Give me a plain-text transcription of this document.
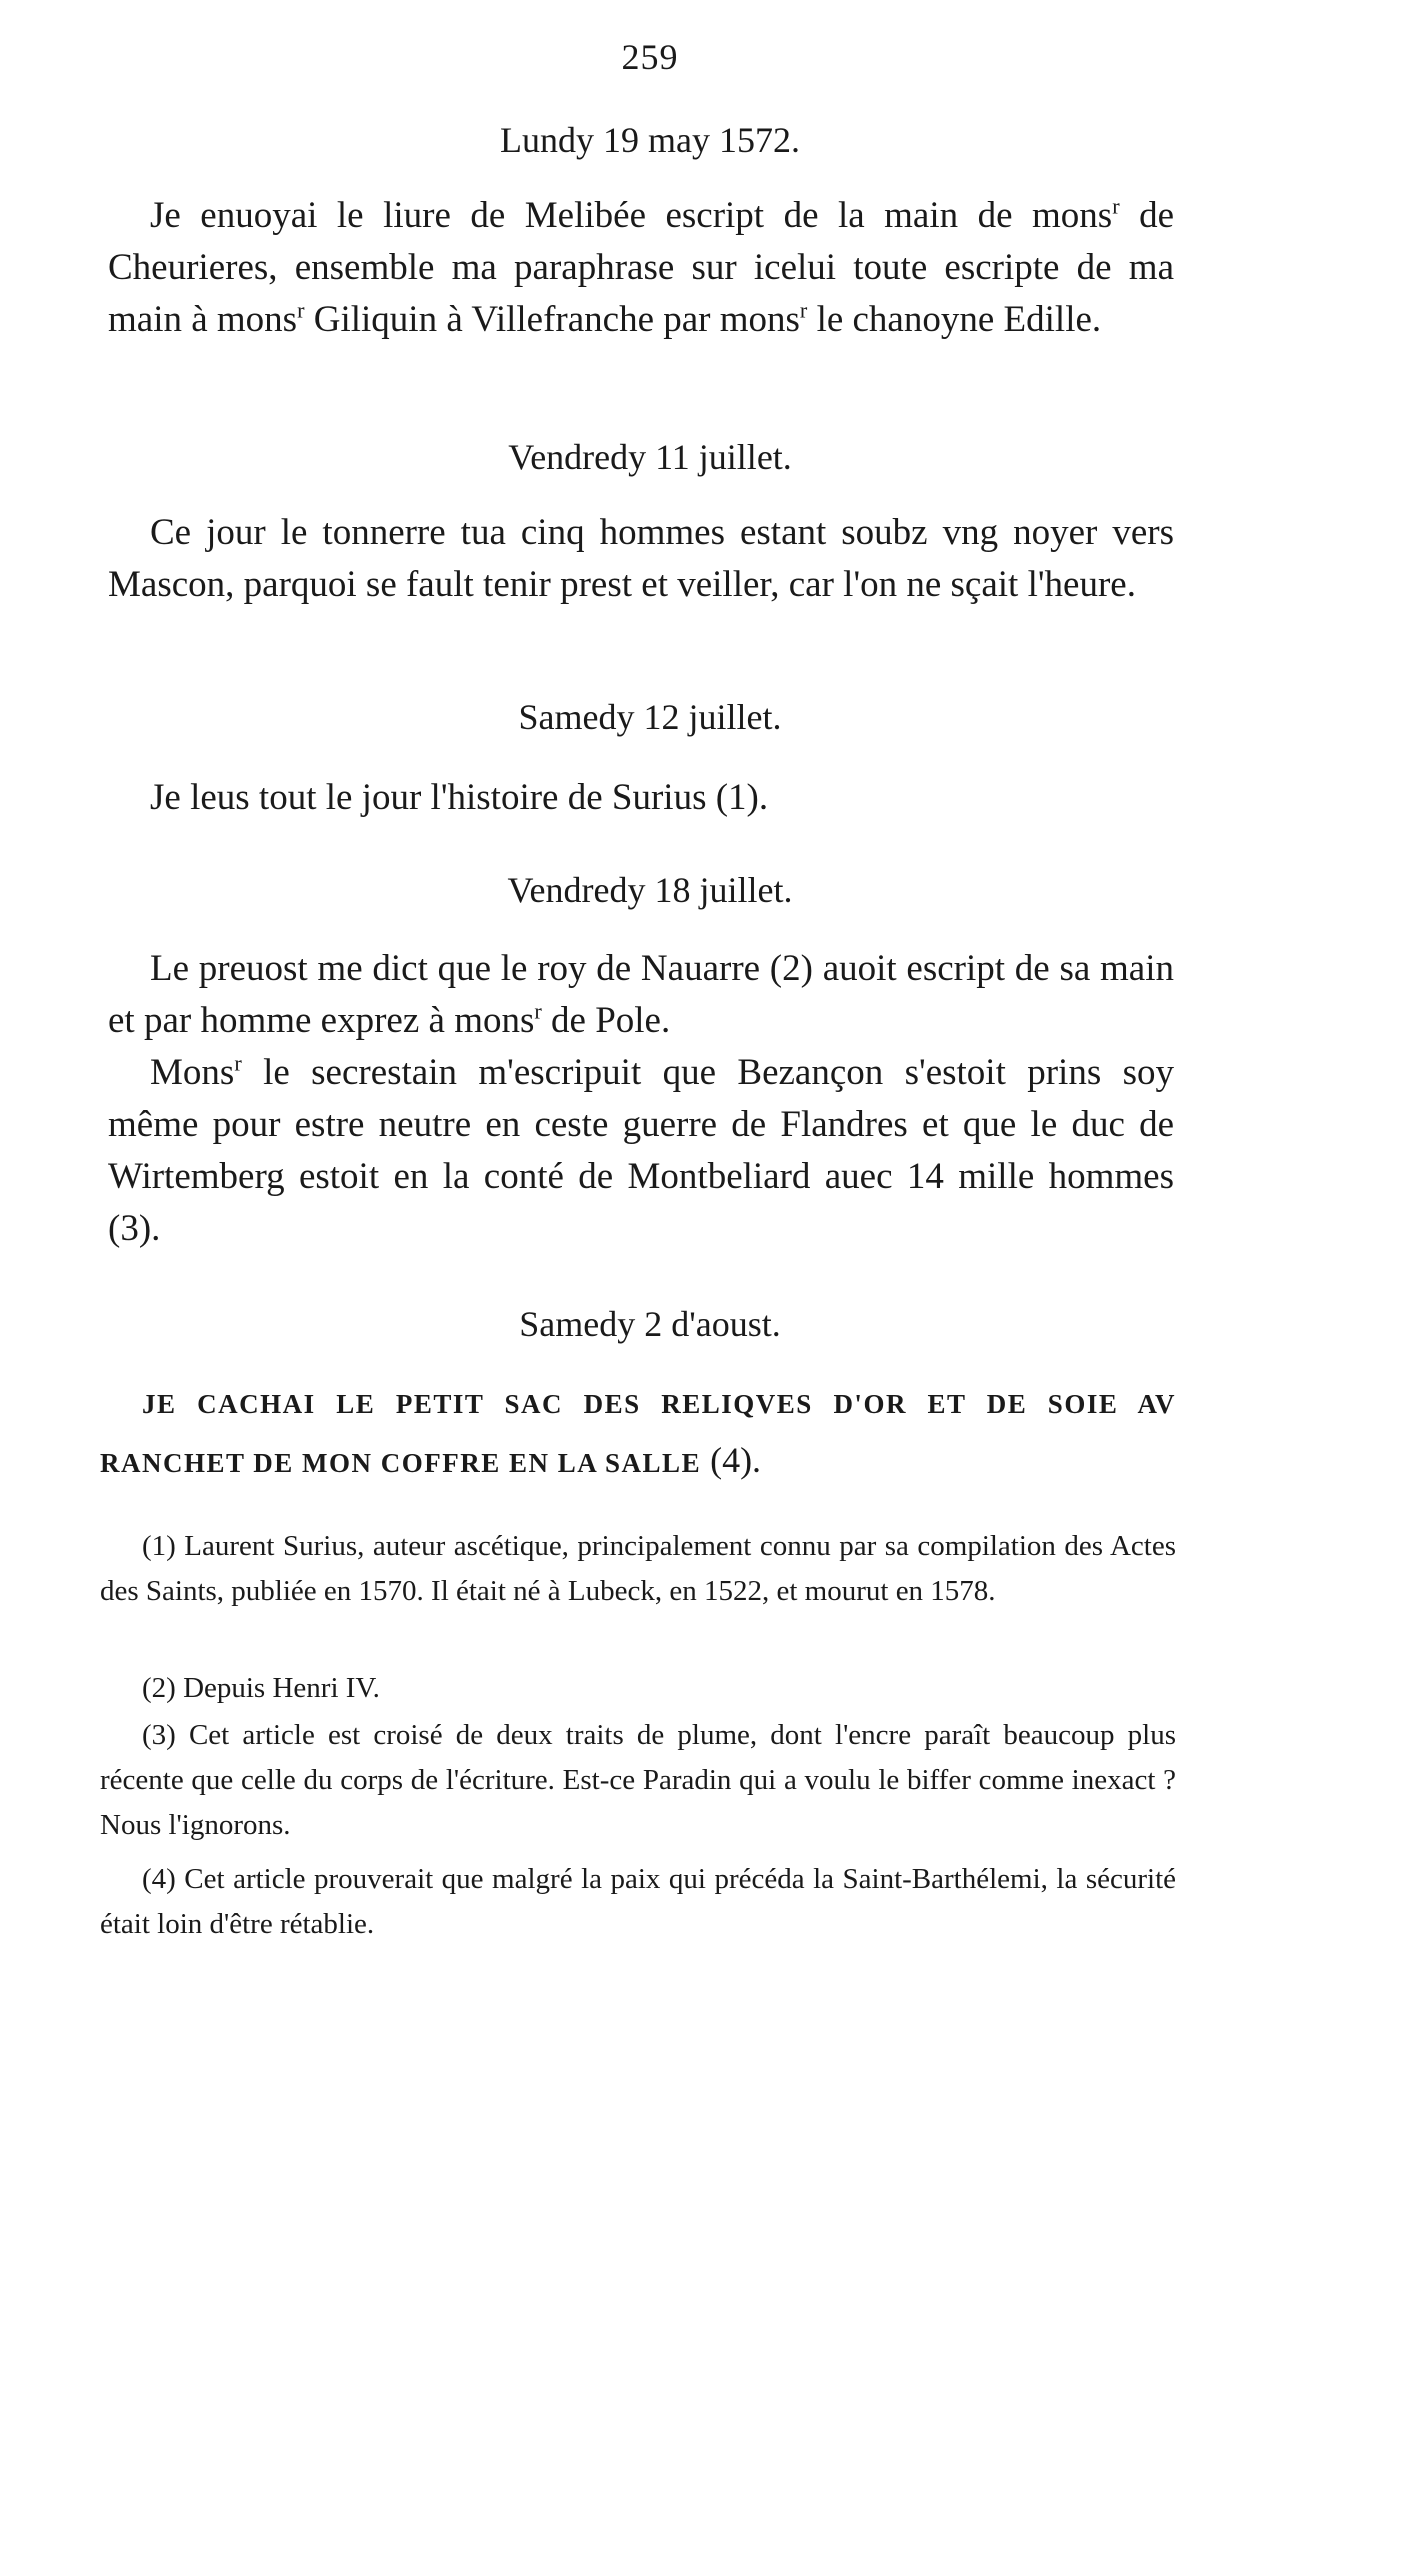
259
Lundy 19 may 1572.

Je enuoyai le liure de Melibée escript de la main de mons$^r$ de Cheurieres, ensemble ma paraphrase sur icelui toute escripte de ma main à mons$^r$ Giliquin à Villefranche par mons$^r$ le chanoyne Edille.

Vendredy 11 juillet.

Ce jour le tonnerre tua cinq hommes estant soubz vng noyer vers Mascon, parquoi se fault tenir prest et veiller, car l'on ne sçait l'heure.

Samedy 12 juillet.

Je leus tout le jour l'histoire de Surius (1).

Vendredy 18 juillet.

Le preuost me dict que le roy de Nauarre (2) auoit escript de sa main et par homme exprez à mons$^r$ de Pole.

Mons$^r$ le secrestain m'escripuit que Bezançon s'estoit prins soy même pour estre neutre en ceste guerre de Flandres et que le duc de Wirtemberg estoit en la conté de Montbeliard auec 14 mille hommes (3).

Samedy 2 d'aoust.

JE CACHAI LE PETIT SAC DES RELIQVES D'OR ET DE SOIE AV RANCHET DE MON COFFRE EN LA SALLE (4).

(1) Laurent Surius, auteur ascétique, principalement connu par sa compilation des Actes des Saints, publiée en 1570. Il était né à Lubeck, en 1522, et mourut en 1578.

(2) Depuis Henri IV.

(3) Cet article est croisé de deux traits de plume, dont l'encre paraît beaucoup plus récente que celle du corps de l'écriture. Est-ce Paradin qui a voulu le biffer comme inexact ? Nous l'ignorons.

(4) Cet article prouverait que malgré la paix qui précéda la Saint-Barthélemi, la sécurité était loin d'être rétablie.
